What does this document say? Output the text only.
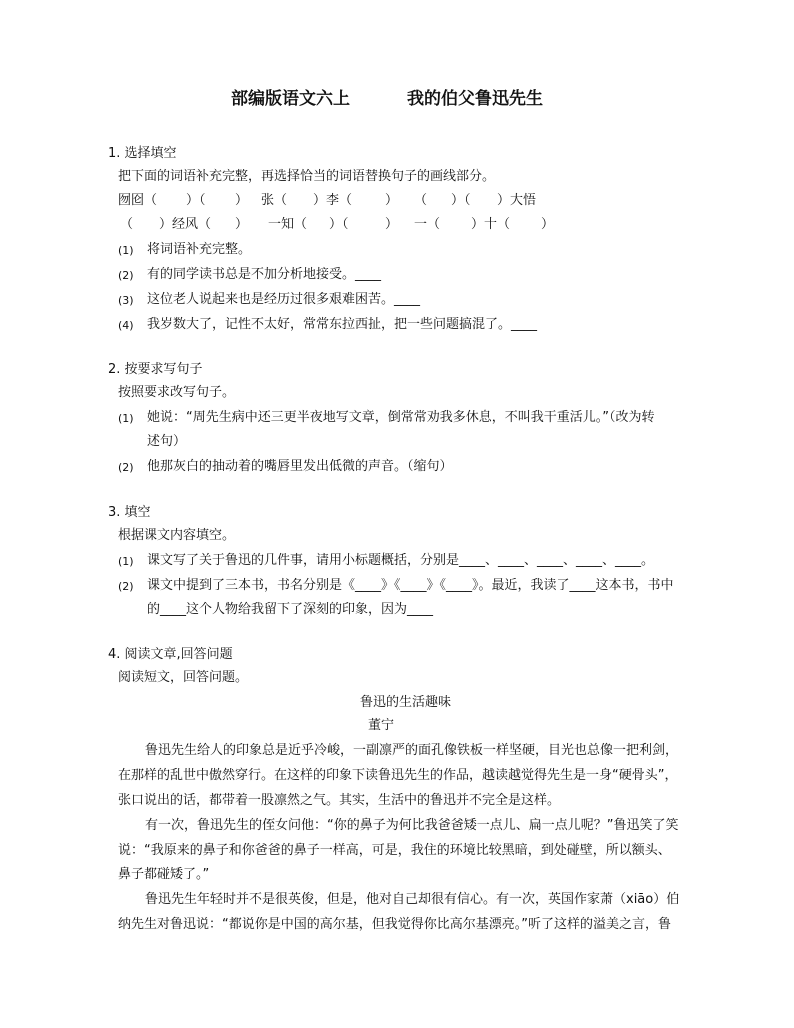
部编版语文六上	我的伯父鲁迅先生
1. 选择填空
把下面的词语补充完整，再选择恰当的词语替换句子的画线部分。
囫囵（ ）（ ） 张（ ）李（	） （ ）（ ）大悟
（ ）经风（ ） 一知（ ）（	） 一（ ）十（ ）
(1) 将词语补充完整。
(2) 有的同学读书总是不加分析地接受。____
(3) 这位老人说起来也是经历过很多艰难困苦。____
(4) 我岁数大了，记性不太好，常常东拉西扯，把一些问题搞混了。____
2. 按要求写句子
按照要求改写句子。
(1) 她说：“周先生病中还三更半夜地写文章，倒常常劝我多休息，不叫我干重活儿。”（改为转
述句）
(2) 他那灰白的抽动着的嘴唇里发出低微的声音。（缩句）
3. 填空
根据课文内容填空。
(1) 课文写了关于鲁迅的几件事，请用小标题概括，分别是____、____、____、____、____。
(2) 课文中提到了三本书，书名分别是《____》《____》《____》。最近，我读了____这本书，书中
的____这个人物给我留下了深刻的印象，因为____
4. 阅读文章,回答问题
阅读短文，回答问题。
鲁迅的生活趣味
董宁
鲁迅先生给人的印象总是近乎冷峻，一副凛严的面孔像铁板一样坚硬，目光也总像一把利剑，
在那样的乱世中傲然穿行。在这样的印象下读鲁迅先生的作品，越读越觉得先生是一身“硬骨头”，
张口说出的话，都带着一股凛然之气。其实，生活中的鲁迅并不完全是这样。
有一次，鲁迅先生的侄女问他：“你的鼻子为何比我爸爸矮一点儿、扁一点儿呢？”鲁迅笑了笑
说：“我原来的鼻子和你爸爸的鼻子一样高，可是，我住的环境比较黑暗，到处碰壁，所以额头、
鼻子都碰矮了。”
鲁迅先生年轻时并不是很英俊，但是，他对自己却很有信心。有一次，英国作家萧（xiāo）伯
纳先生对鲁迅说：“都说你是中国的高尔基，但我觉得你比高尔基漂亮。”听了这样的溢美之言，鲁
